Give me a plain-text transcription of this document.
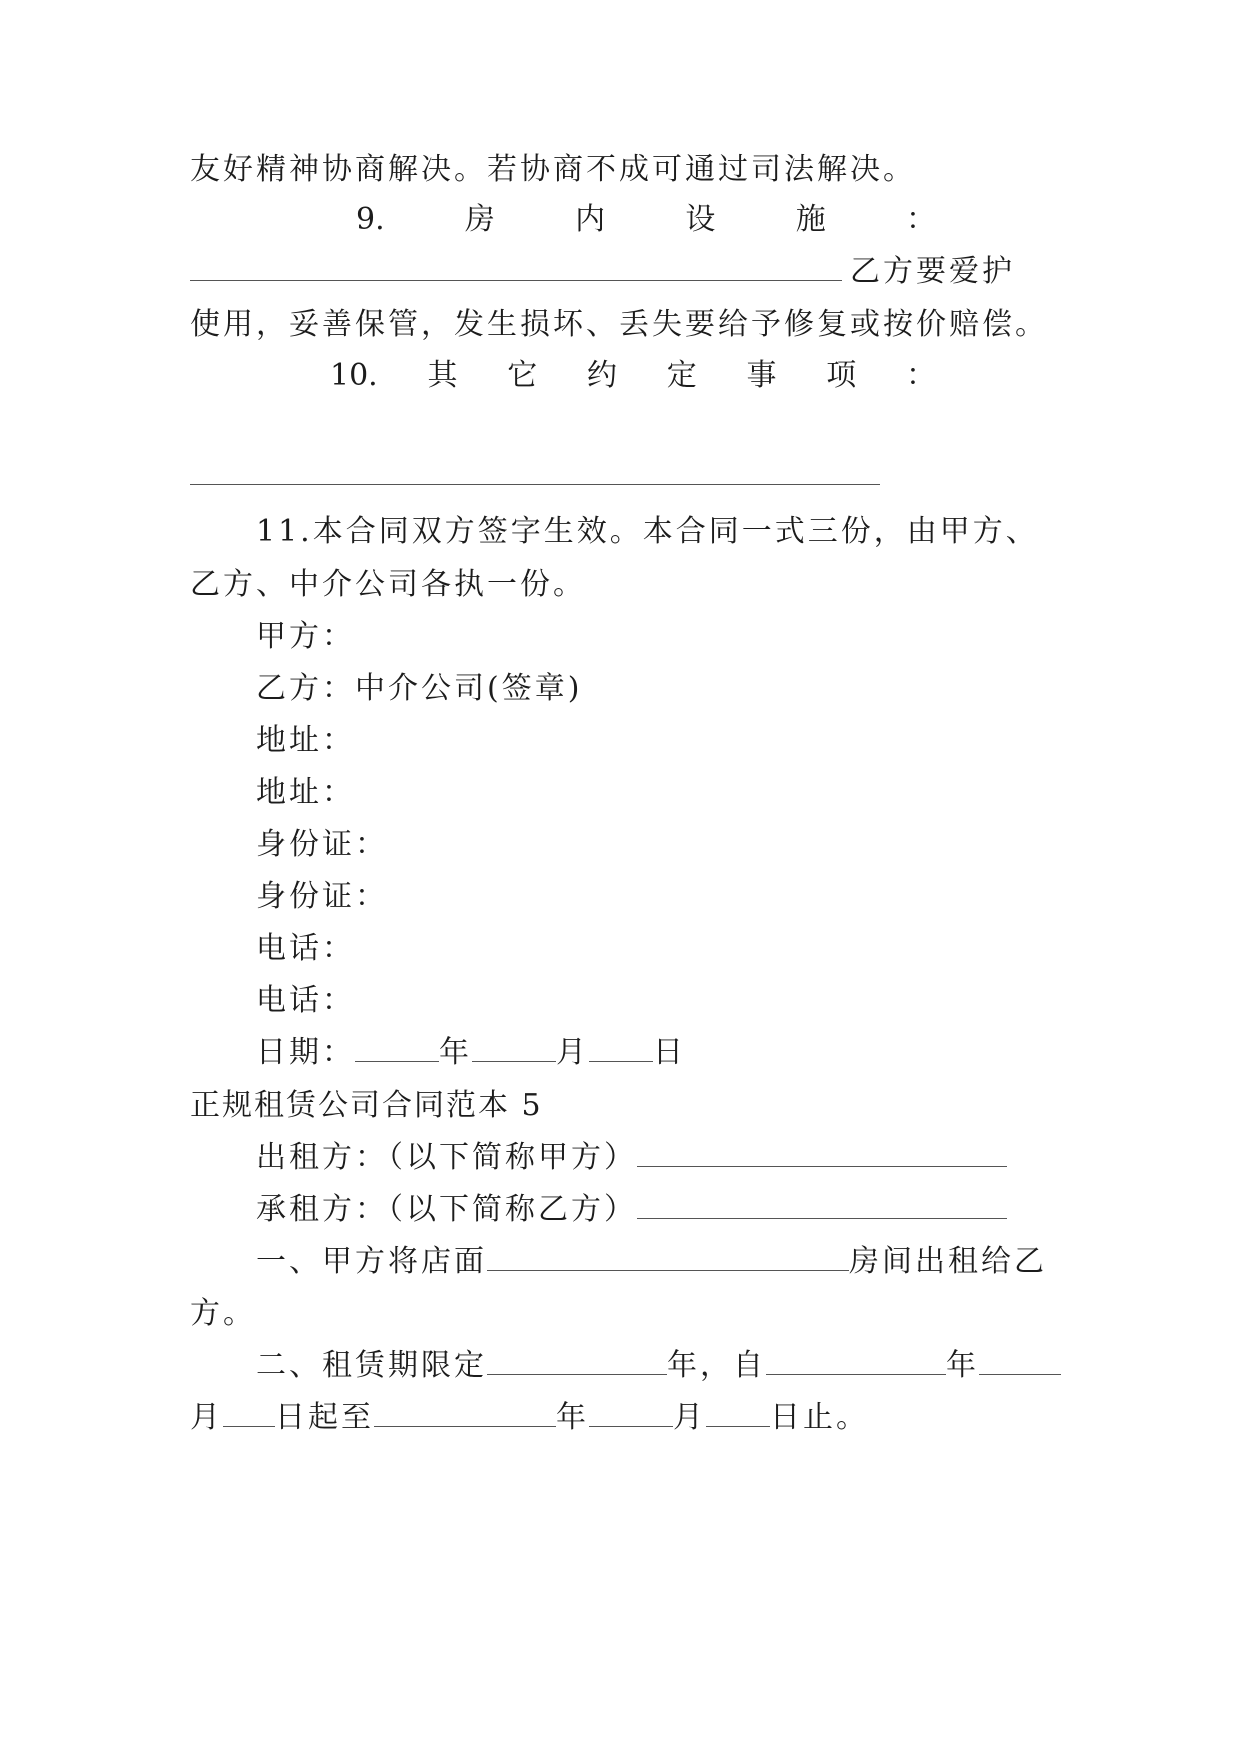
友好精神协商解决。若协商不成可通过司法解决。
9.	房	内	设	施	：
乙方要爱护
使用，妥善保管，发生损坏、丢失要给予修复或按价赔偿。
10. 其 它 约 定 事 项 ：
11.本合同双方签字生效。本合同一式三份，由甲方、
乙方、中介公司各执一份。
甲方：
乙方：中介公司(签章)
地址：
地址：
身份证：
身份证：
电话：
电话：
日期：	年	月 日
正规租赁公司合同范本 5
出租方：（以下简称甲方）
承租方：（以下简称乙方）
一、甲方将店面	房间出租给乙
方。
二、租赁期限定	年，自	年
月 日起至	年	月 日止。
